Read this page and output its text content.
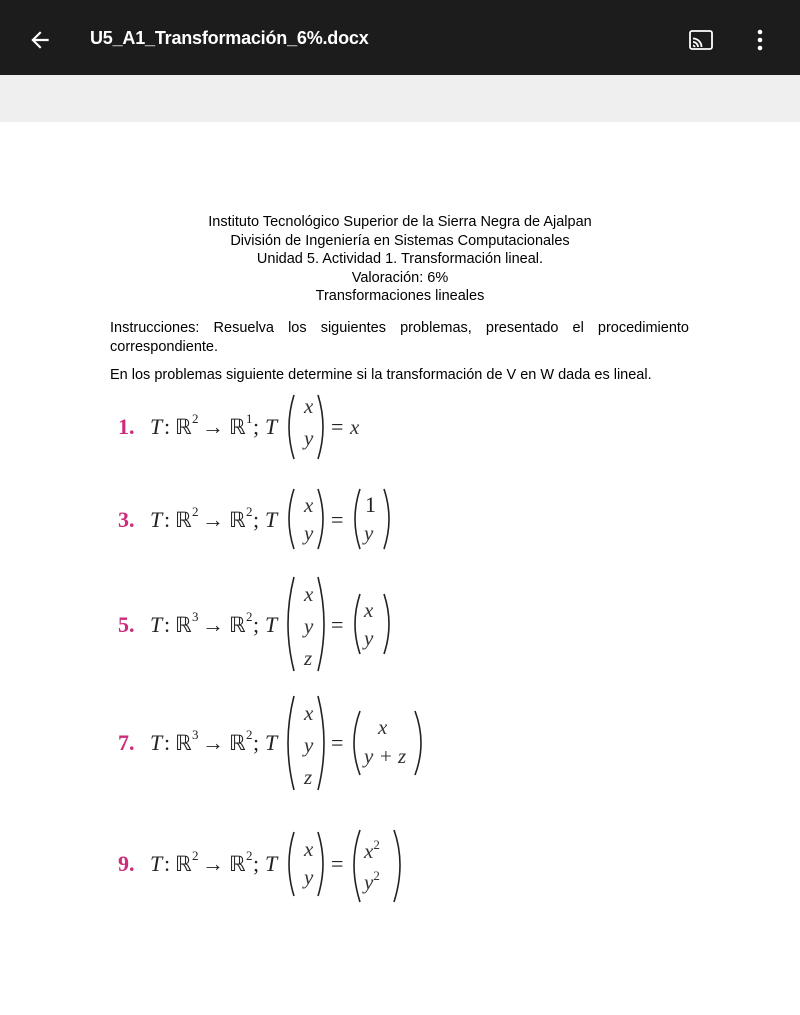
U5_A1_Transformación_6%.docx
Instituto Tecnológico Superior de la Sierra Negra de Ajalpan
División de Ingeniería en Sistemas Computacionales
Unidad 5. Actividad 1. Transformación lineal.
Valoración: 6%
Transformaciones lineales
Instrucciones: Resuelva los siguientes problemas, presentado el procedimiento correspondiente.
En los problemas siguiente determine si la transformación de V en W dada es lineal.
1. T : ℝ 2 → ℝ 1 ; T
x
y = x
3. T : ℝ 2 → ℝ 2 ; T
x
y
=
1
y
5. T : ℝ 3 → ℝ 2 ; T
x
y
z
=
x
y
7. T : ℝ 3 → ℝ 2 ; T
x
y
z
=
x
y + z
9. T : ℝ 2 → ℝ 2 ; T
x
y
= $x^2$
$y^2$
